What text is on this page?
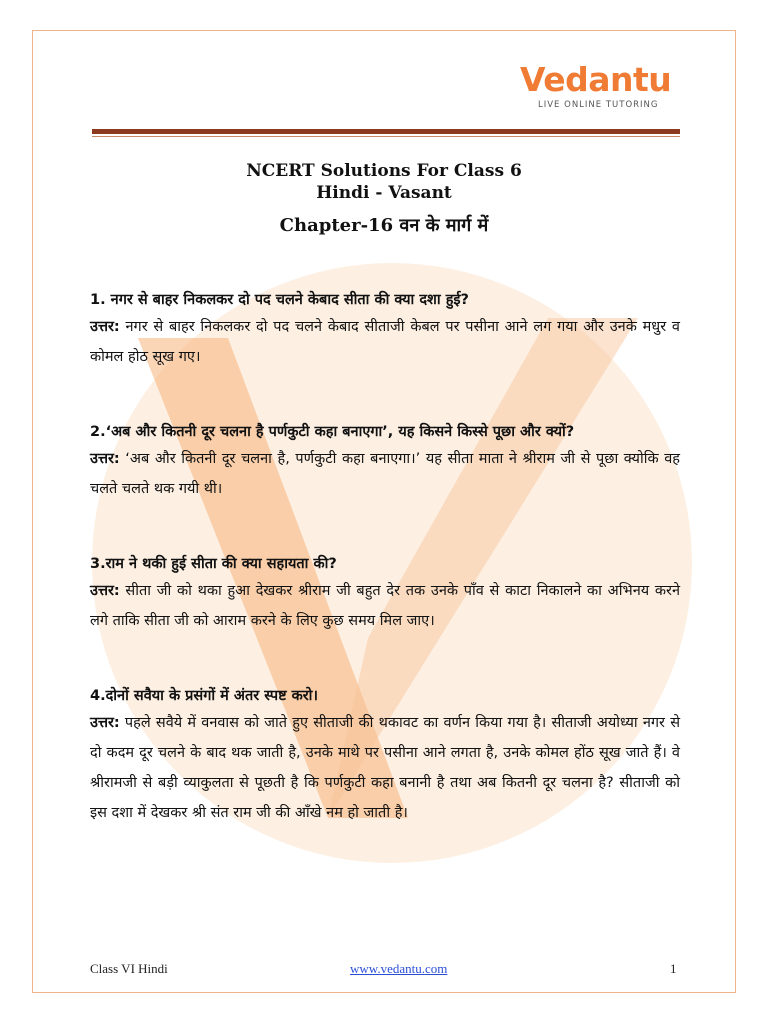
Vedantu
LIVE ONLINE TUTORING
NCERT Solutions For Class 6
Hindi - Vasant
Chapter-16 वन के मार्ग में

1. नगर से बाहर निकलकर दो पद चलने केबाद सीता की क्या दशा हुई?

उत्तर: नगर से बाहर निकलकर दो पद चलने केबाद सीताजी केबल पर पसीना आने लग गया और उनके मधुर व कोमल होठ सूख गए।

2.‘अब और कितनी दूर चलना है पर्णकुटी कहा बनाएगा’, यह किसने किस्से पूछा और क्यों?

उत्तर: ‘अब और कितनी दूर चलना है, पर्णकुटी कहा बनाएगा।’ यह सीता माता ने श्रीराम जी से पूछा क्योकि वह चलते चलते थक गयी थी।

3.राम ने थकी हुई सीता की क्या सहायता की?

उत्तर: सीता जी को थका हुआ देखकर श्रीराम जी बहुत देर तक उनके पाँव से काटा निकालने का अभिनय करने लगे ताकि सीता जी को आराम करने के लिए कुछ समय मिल जाए।

4.दोनों सवैया के प्रसंगों में अंतर स्पष्ट करो।

उत्तर: पहले सवैये में वनवास को जाते हुए सीताजी की थकावट का वर्णन किया गया है। सीताजी अयोध्या नगर से दो कदम दूर चलने के बाद थक जाती है, उनके माथे पर पसीना आने लगता है, उनके कोमल होंठ सूख जाते हैं। वे श्रीरामजी से बड़ी व्याकुलता से पूछती है कि पर्णकुटी कहा बनानी है तथा अब कितनी दूर चलना है? सीताजी को इस दशा में देखकर श्री संत राम जी की आँखे नम हो जाती है।

Class VI Hindi	www.vedantu.com	1
